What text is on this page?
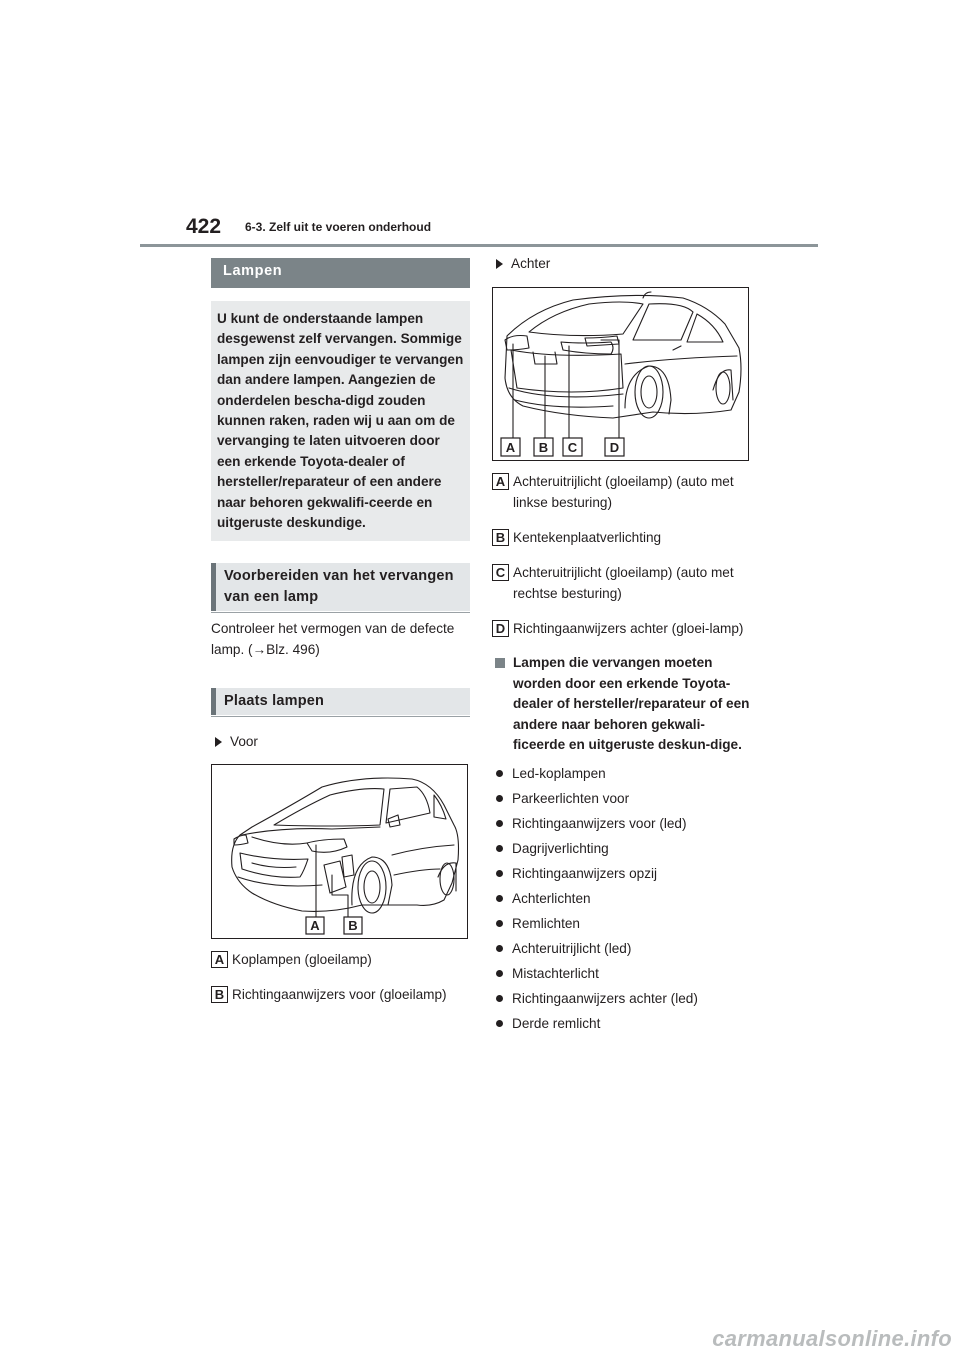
422 6-3. Zelf uit te voeren onderhoud
Lampen
U kunt de onderstaande lampen desgewenst zelf vervangen. Sommige lampen zijn eenvoudiger te vervangen dan andere lampen. Aangezien de onderdelen bescha-digd zouden kunnen raken, raden wij u aan om de vervanging te laten uitvoeren door een erkende Toyota-dealer of hersteller/reparateur of een andere naar behoren gekwalifi-ceerde en uitgeruste deskundige.
Voorbereiden van het vervangen van een lamp
Controleer het vermogen van de defecte lamp. (→Blz. 496)
Plaats lampen
Voor
A B
A Koplampen (gloeilamp)
B Richtingaanwijzers voor (gloeilamp)
Achter
A B C	D
A Achteruitrijlicht (gloeilamp) (auto met linkse besturing)
B Kentekenplaatverlichting
C Achteruitrijlicht (gloeilamp) (auto met rechtse besturing)
D Richtingaanwijzers achter (gloei-lamp)
Lampen die vervangen moeten worden door een erkende Toyota-dealer of hersteller/reparateur of een andere naar behoren gekwali-ficeerde en uitgeruste deskun-dige.
Led-koplampen
Parkeerlichten voor
Richtingaanwijzers voor (led)
Dagrijverlichting
Richtingaanwijzers opzij
Achterlichten
Remlichten
Achteruitrijlicht (led)
Mistachterlicht
Richtingaanwijzers achter (led)
Derde remlicht
carmanualsonline.info
